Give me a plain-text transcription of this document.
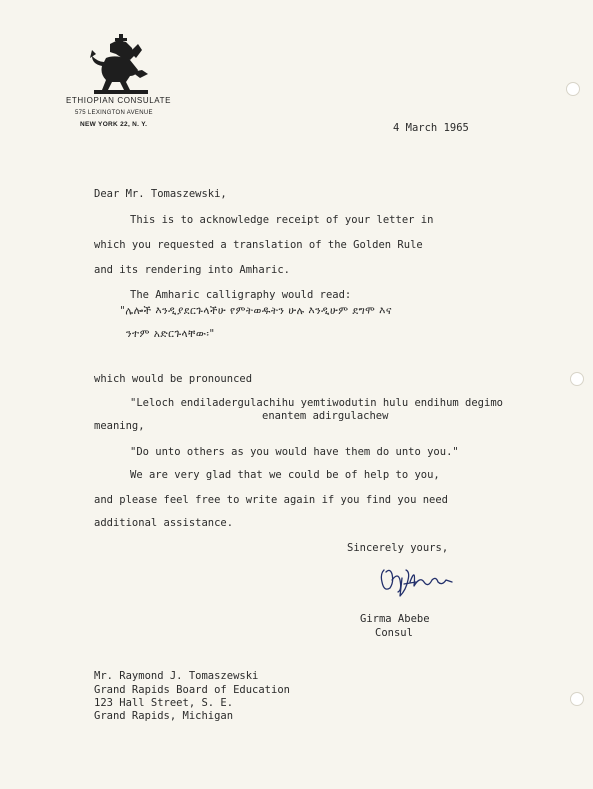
ETHIOPIAN CONSULATE
575 LEXINGTON AVENUE
NEW YORK 22, N. Y.	4 March 1965
Dear Mr. Tomaszewski,
This is to acknowledge receipt of your letter in
which you requested a translation of the Golden Rule
and its rendering into Amharic.
The Amharic calligraphy would read:
"ሌሎች እንዲያደርጉላችሁ የምትወዱትን ሁሉ እንዲሁም ደግሞ እና
ንተም አድርጉላቸው፡"
which would be pronounced
"Leloch endiladergulachihu yemtiwodutin hulu endihum degimo
enantem adirgulachew
meaning,
"Do unto others as you would have them do unto you."
We are very glad that we could be of help to you,
and please feel free to write again if you find you need
additional assistance.
Sincerely yours,
Girma Abebe
Consul
Mr. Raymond J. Tomaszewski
Grand Rapids Board of Education
123 Hall Street, S. E.
Grand Rapids, Michigan
